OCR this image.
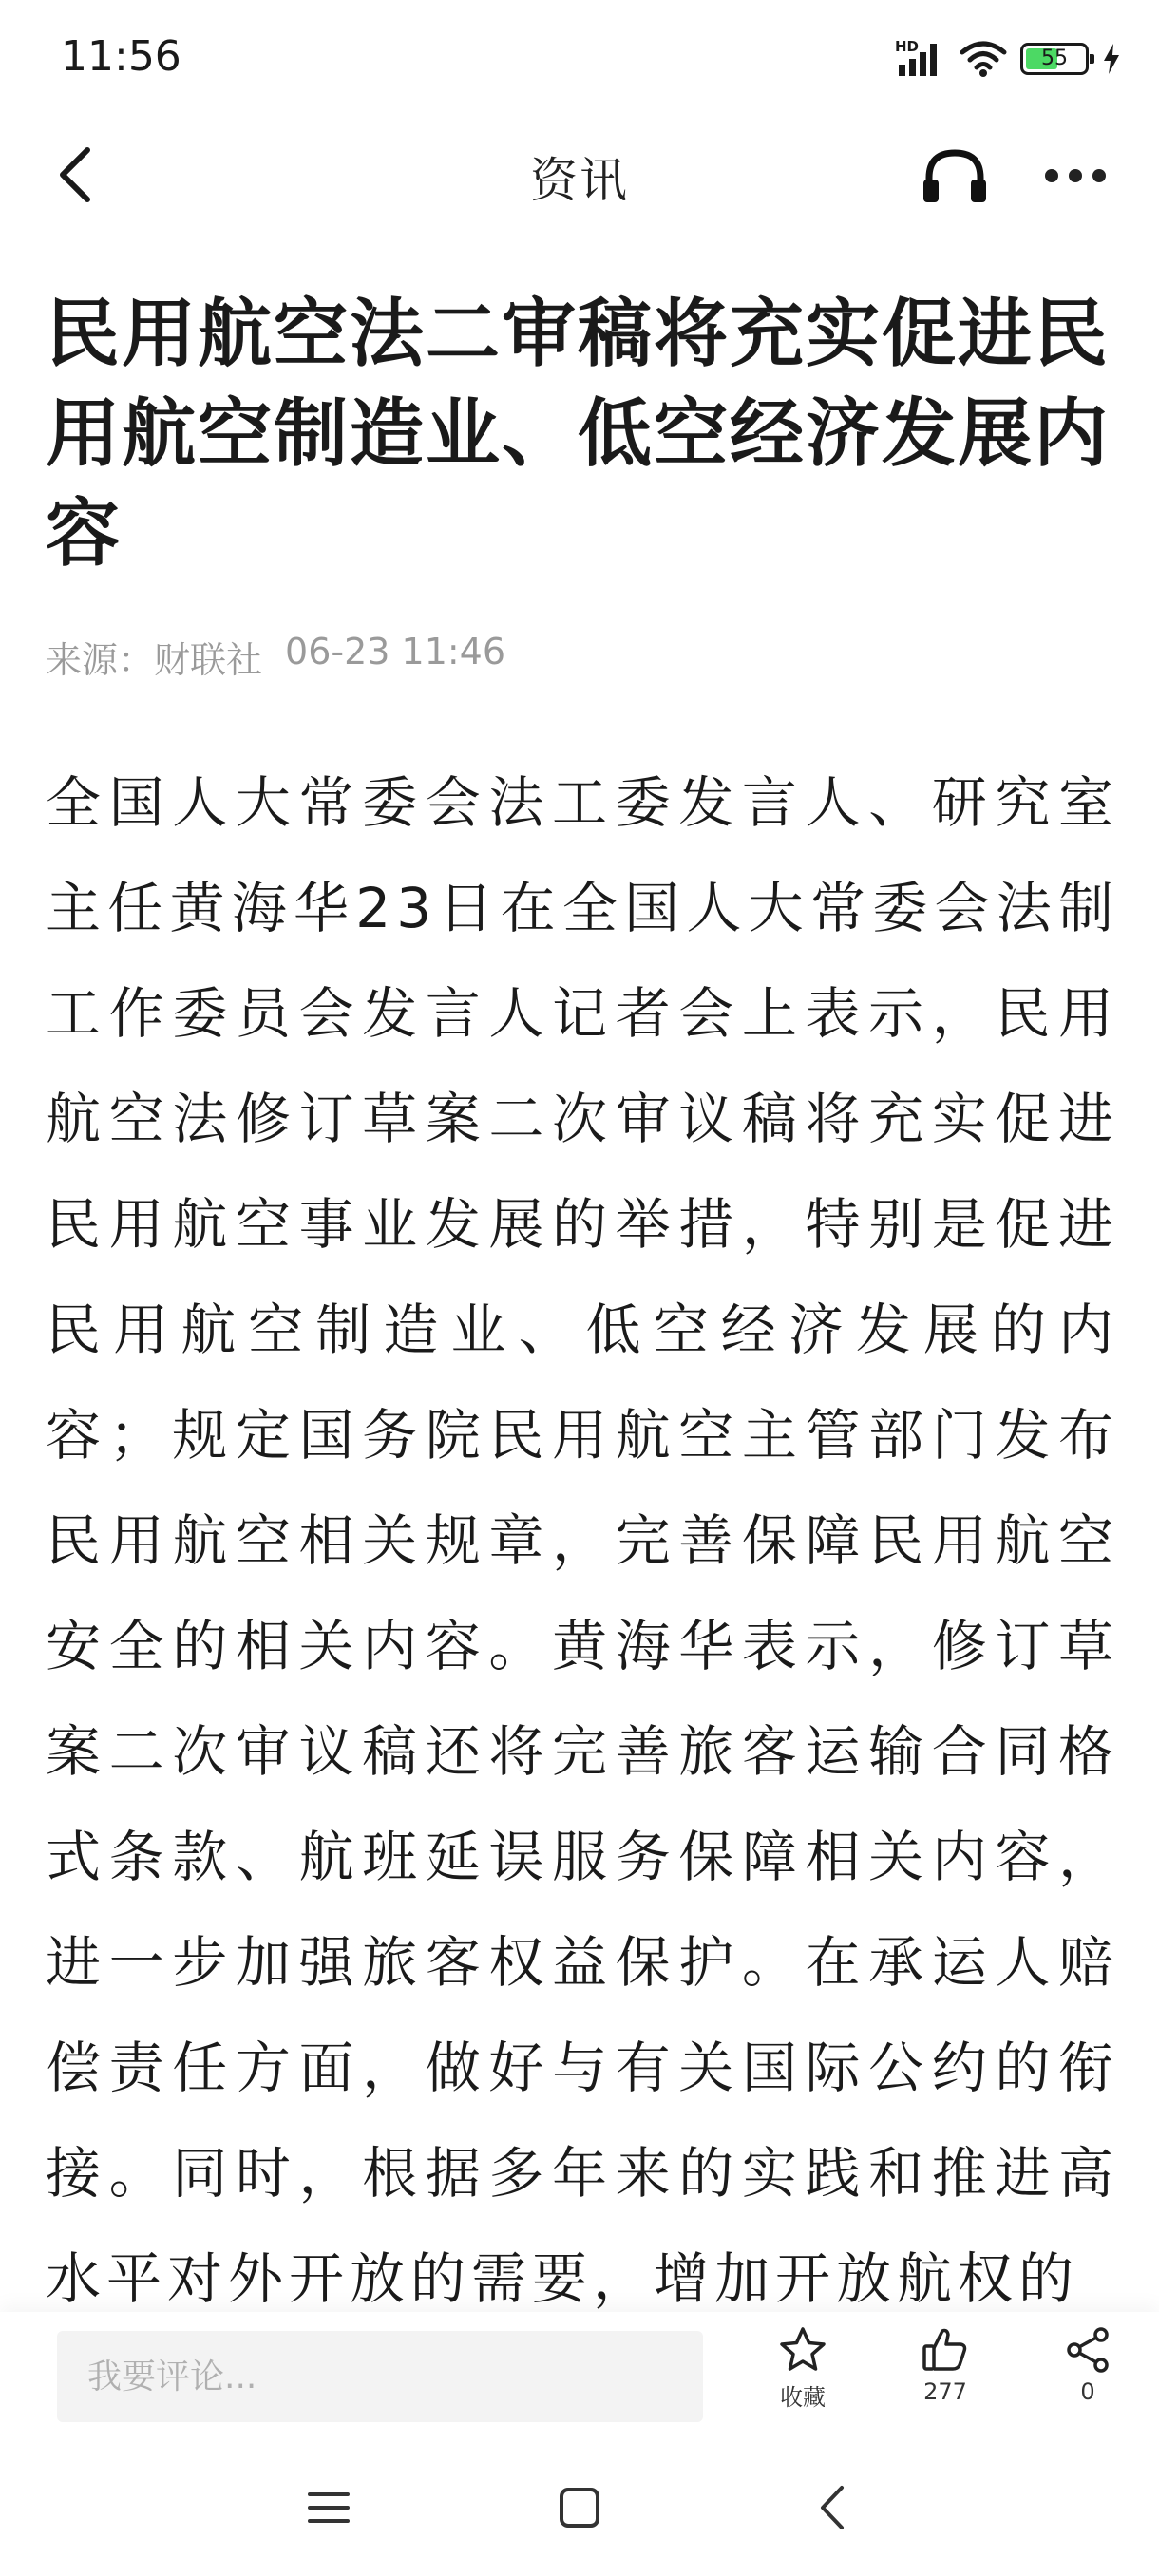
11:56	HD	55
资讯
民用航空法二审稿将充实促进民用航空制造业、低空经济发展内容
来源：财联社 06-23 11:46

全国人大常委会法工委发言人、研究室主任黄海华23日在全国人大常委会法制工作委员会发言人记者会上表示，民用航空法修订草案二次审议稿将充实促进民用航空事业发展的举措，特别是促进民用航空制造业、低空经济发展的内容；规定国务院民用航空主管部门发布民用航空相关规章，完善保障民用航空安全的相关内容。黄海华表示，修订草案二次审议稿还将完善旅客运输合同格式条款、航班延误服务保障相关内容，进一步加强旅客权益保护。在承运人赔偿责任方面，做好与有关国际公约的衔接。同时，根据多年来的实践和推进高水平对外开放的需要，增加开放航权的

我要评论...
收藏	277	0
